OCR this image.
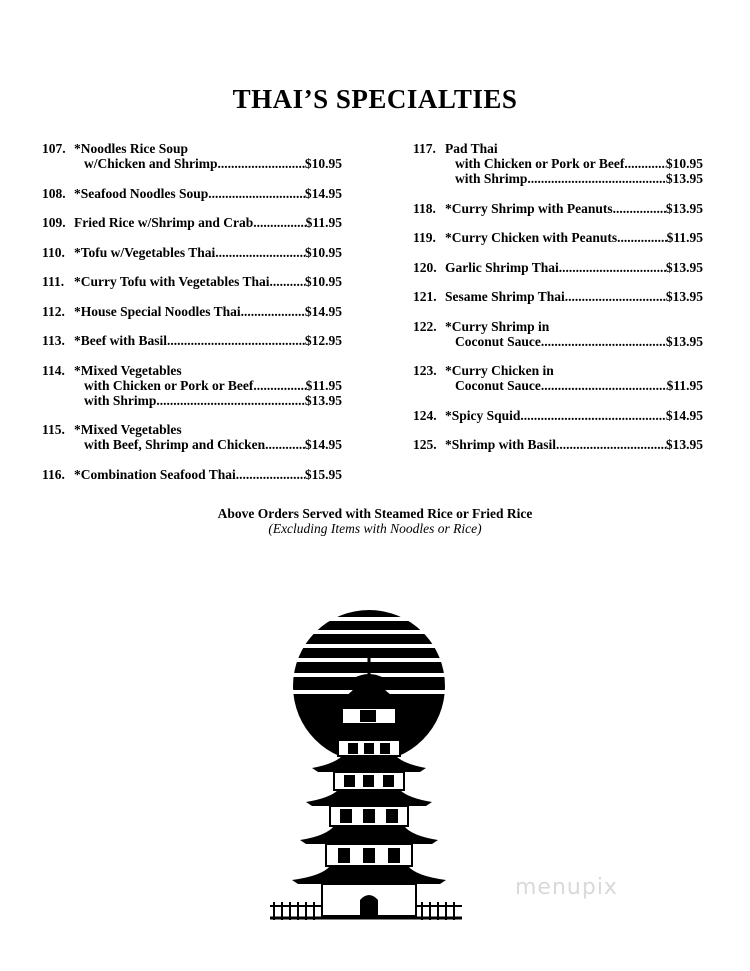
THAI’S SPECIALTIES
107. *Noodles Rice Soup
w/Chicken and Shrimp .....	$10.95
108. *Seafood Noodles Soup .....	$14.95
109. Fried Rice w/Shrimp and Crab .....	$11.95
110. *Tofu w/Vegetables Thai .....	$10.95
111. *Curry Tofu with Vegetables Thai. ..... $10.95
112. *House Special Noodles Thai .....	$14.95
113. *Beef with Basil .....	$12.95
114. *Mixed Vegetables
with Chicken or Pork or Beef .....	$11.95
with Shrimp .....	$13.95
115. *Mixed Vegetables
with Beef, Shrimp and Chicken .....	$14.95
116. *Combination Seafood Thai .....	$15.95
117. Pad Thai
with Chicken or Pork or Beef .....	$10.95
with Shrimp .....	$13.95
118. *Curry Shrimp with Peanuts .....	$13.95
119. *Curry Chicken with Peanuts .....	$11.95
120. Garlic Shrimp Thai .....	$13.95
121. Sesame Shrimp Thai .....	$13.95
122. *Curry Shrimp in
Coconut Sauce .....	$13.95
123. *Curry Chicken in
Coconut Sauce .....	$11.95
124. *Spicy Squid .....	$14.95
125. *Shrimp with Basil .....	$13.95
Above Orders Served with Steamed Rice or Fried Rice
(Excluding Items with Noodles or Rice)
menupix
